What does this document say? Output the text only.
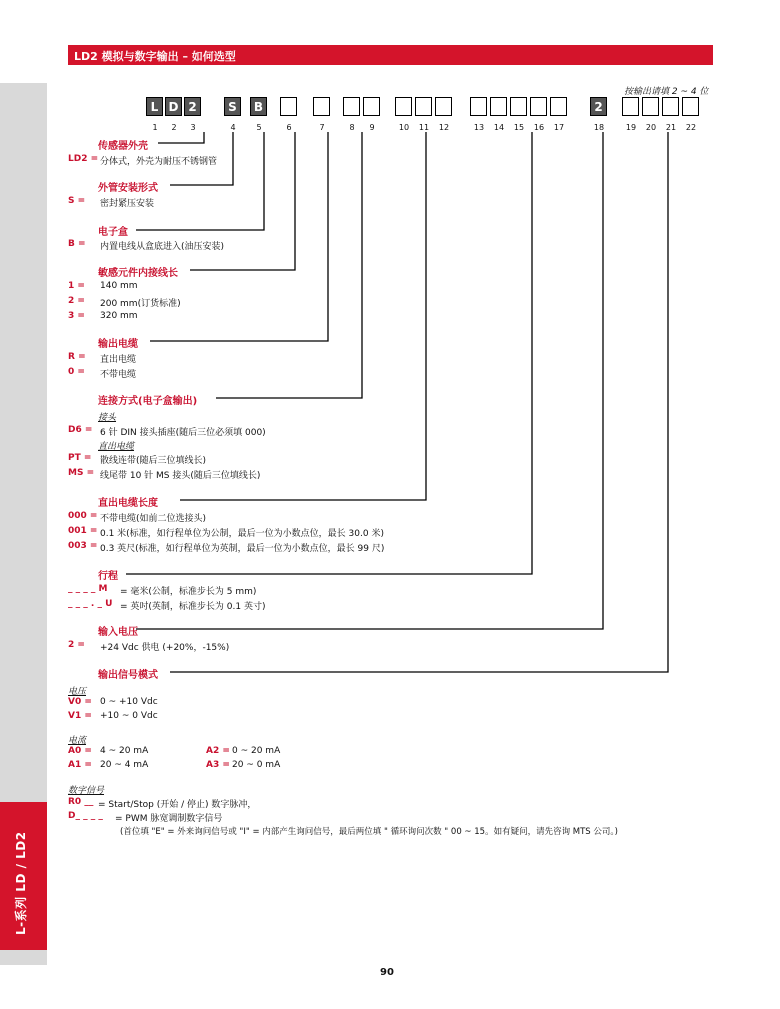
LD2 模拟与数字输出 – 如何选型
L-系列 LD / LD2
按输出请填 2 ~ 4 位
L D 2	S	B	2
1	2	3	4	5	6	7	8	9	10	11	12	13	14	15	16	17	18	19	20	21	22
传感器外壳
LD2 = 分体式，外壳为耐压不锈钢管
外管安装形式
S = 密封紧压安装
电子盒
B = 内置电线从盒底进入(油压安装)
敏感元件内接线长
1 = 140 mm
2 = 200 mm(订货标准)
3 = 320 mm
输出电缆
R = 直出电缆
0 = 不带电缆
连接方式(电子盒输出)
接头
D6 = 6 针 DIN 接头插座(随后三位必须填 000)
直出电缆
PT = 散线连带(随后三位填线长)
MS = 线尾带 10 针 MS 接头(随后三位填线长)
直出电缆长度
000 = 不带电缆(如前二位选接头)
001 = 0.1 米(标准，如行程单位为公制，最后一位为小数点位，最长 30.0 米)
003 = 0.3 英尺(标准，如行程单位为英制，最后一位为小数点位，最长 99 尺)
行程
_ _ _ _ M = 毫米(公制，标准步长为 5 mm)
_ _ _ . _ U = 英吋(英制，标准步长为 0.1 英寸)
输入电压
2 = +24 Vdc 供电 (+20%，-15%)
输出信号模式
电压
V0 = 0 ~ +10 Vdc
V1 = +10 ~ 0 Vdc
电流
A0 = 4 ~ 20 mA
A1 = 20 ~ 4 mA
A2 = 0 ~ 20 mA
A3 = 20 ~ 0 mA
数字信号
R0 __ = Start/Stop (开始 / 停止) 数字脉冲，
D_ _ _ _ = PWM 脉宽调制数字信号
(首位填 "E" = 外来询问信号或 "I" = 内部产生询问信号，最后两位填 " 循环询问次数 " 00 ~ 15。如有疑问，请先咨询 MTS 公司。)
90
